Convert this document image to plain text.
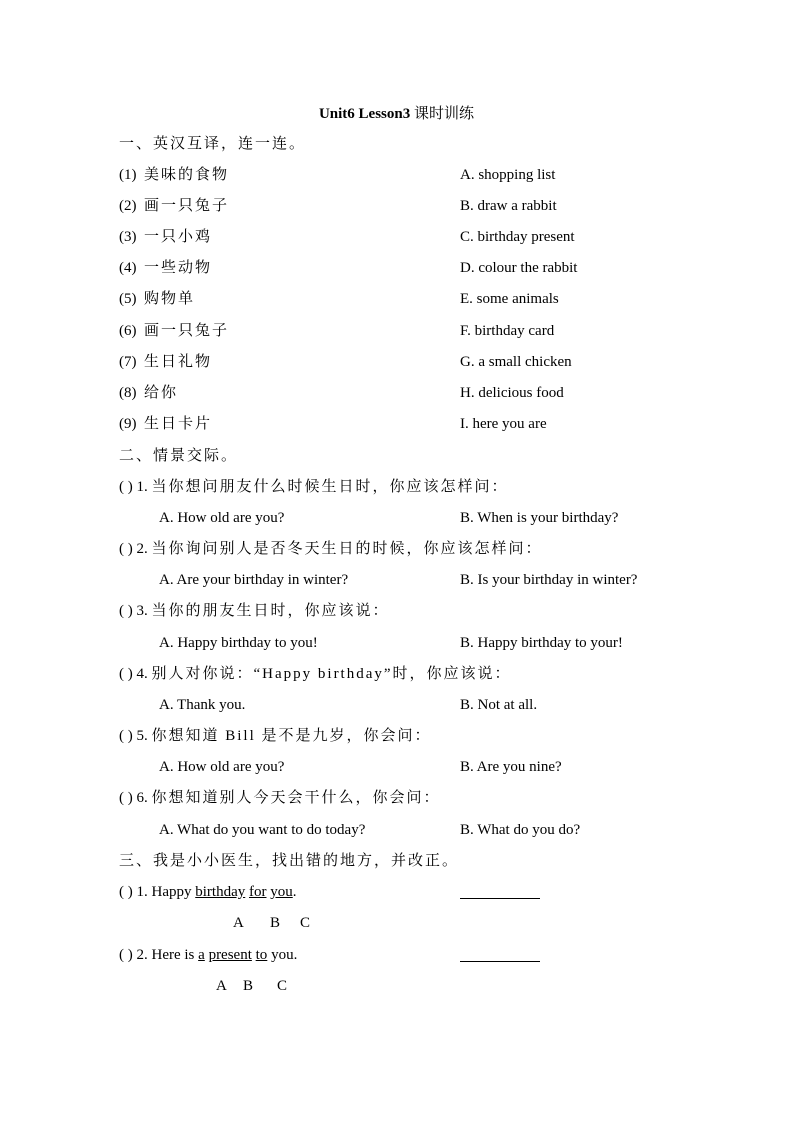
Unit6 Lesson3 课时训练
一、英汉互译，连一连。
(1) 美味的食物	A. shopping list
(2) 画一只兔子	B. draw a rabbit
(3) 一只小鸡	C. birthday present
(4) 一些动物	D. colour the rabbit
(5) 购物单	E. some animals
(6) 画一只兔子	F. birthday card
(7) 生日礼物	G. a small chicken
(8) 给你	H. delicious food
(9) 生日卡片	I. here you are
二、情景交际。
( ) 1. 当你想问朋友什么时候生日时，你应该怎样问：
A. How old are you?	B. When is your birthday?
( ) 2. 当你询问别人是否冬天生日的时候，你应该怎样问：
A. Are your birthday in winter?	B. Is your birthday in winter?
( ) 3. 当你的朋友生日时，你应该说：
A. Happy birthday to you!	B. Happy birthday to your!
( ) 4. 别人对你说：“Happy birthday”时，你应该说：
A. Thank you.	B. Not at all.
( ) 5. 你想知道 Bill 是不是九岁，你会问：
A. How old are you?	B. Are you nine?
( ) 6. 你想知道别人今天会干什么，你会问：
A. What do you want to do today?	B. What do you do?
三、我是小小医生，找出错的地方，并改正。
( ) 1. Happy birthday for you.
A B C
( ) 2. Here is a present to you.
A B C
